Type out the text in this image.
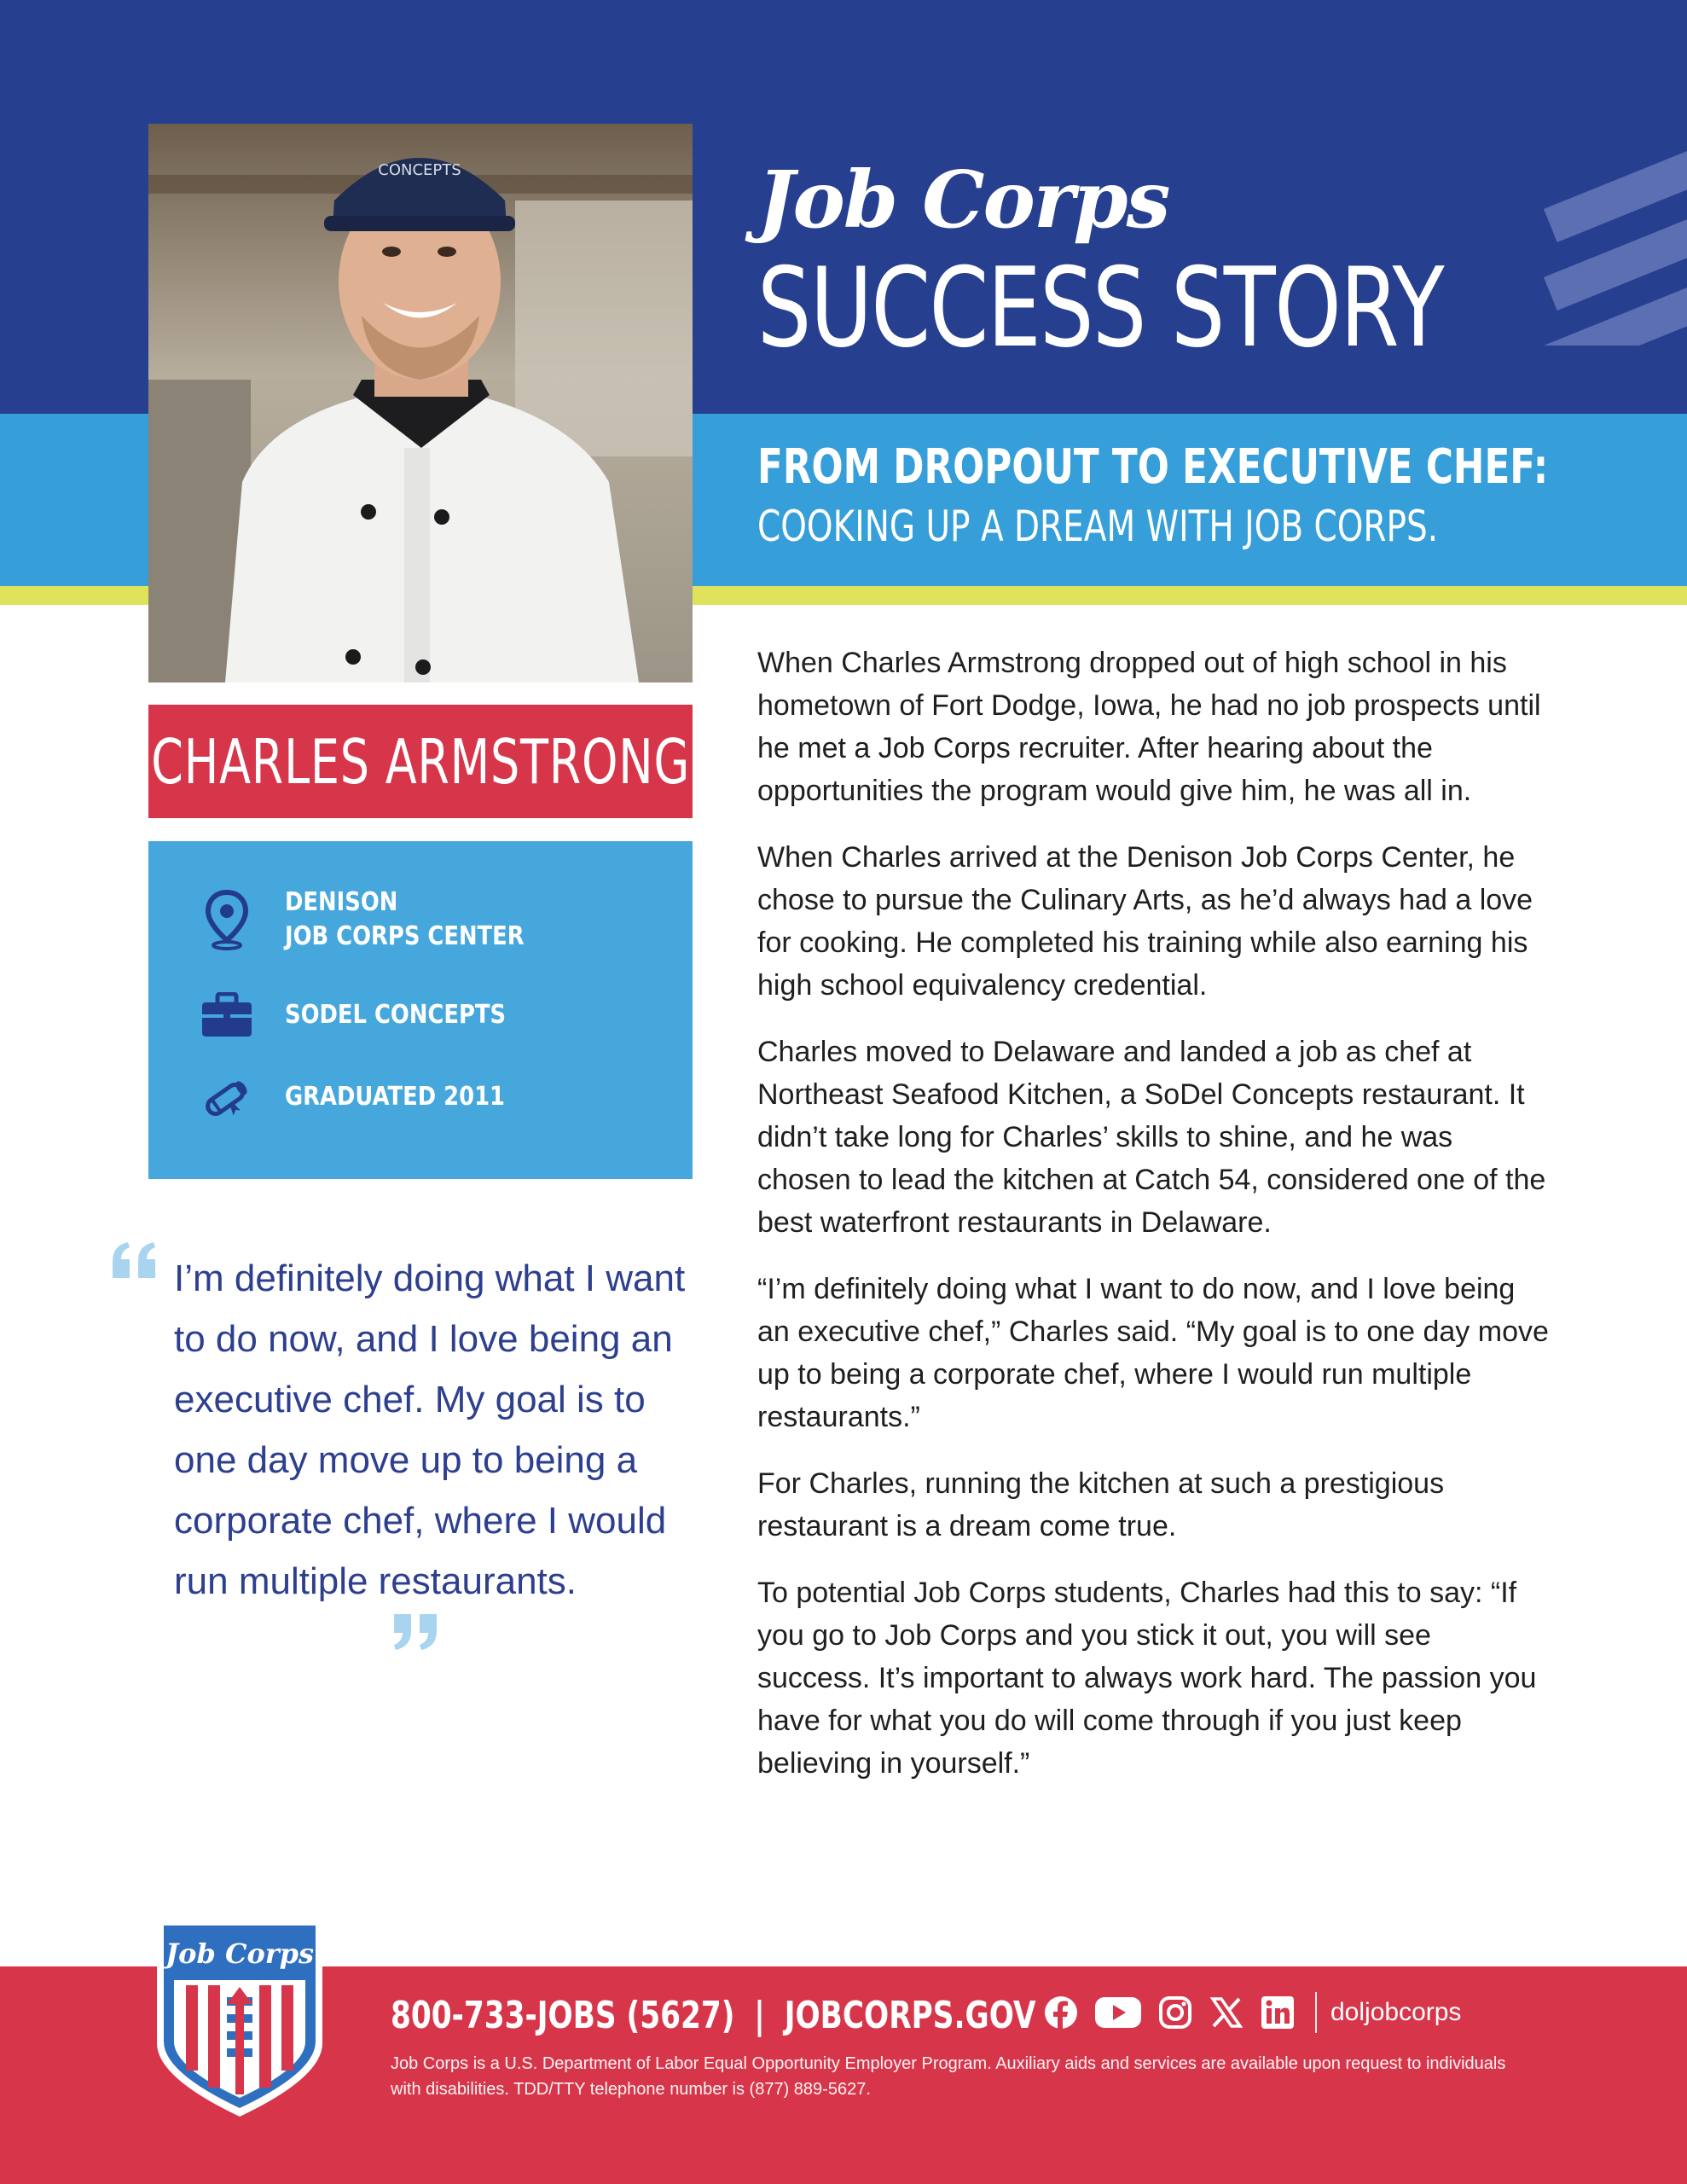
CONCEPTS	Job Corps
SUCCESS STORY
FROM DROPOUT TO EXECUTIVE CHEF:
COOKING UP A DREAM WITH JOB CORPS.
CHARLES ARMSTRONG
DENISON
JOB CORPS CENTER
SODEL CONCEPTS
GRADUATED 2011
I’m definitely doing what I want to do now, and I love being an executive chef. My goal is to one day move up to being a corporate chef, where I would run multiple restaurants.

When Charles Armstrong dropped out of high school in his hometown of Fort Dodge, Iowa, he had no job prospects until he met a Job Corps recruiter. After hearing about the opportunities the program would give him, he was all in.

When Charles arrived at the Denison Job Corps Center, he chose to pursue the Culinary Arts, as he’d always had a love for cooking. He completed his training while also earning his high school equivalency credential.

Charles moved to Delaware and landed a job as chef at Northeast Seafood Kitchen, a SoDel Concepts restaurant. It didn’t take long for Charles’ skills to shine, and he was chosen to lead the kitchen at Catch 54, considered one of the best waterfront restaurants in Delaware.

“I’m definitely doing what I want to do now, and I love being an executive chef,” Charles said. “My goal is to one day move up to being a corporate chef, where I would run multiple restaurants.”

For Charles, running the kitchen at such a prestigious restaurant is a dream come true.

To potential Job Corps students, Charles had this to say: “If you go to Job Corps and you stick it out, you will see success. It’s important to always work hard. The passion you have for what you do will come through if you just keep believing in yourself.”

Job Corps
800-733-JOBS (5627) | JOBCORPS.GOV	doljobcorps
Job Corps is a U.S. Department of Labor Equal Opportunity Employer Program. Auxiliary aids and services are available upon request to individuals with disabilities. TDD/TTY telephone number is (877) 889-5627.
